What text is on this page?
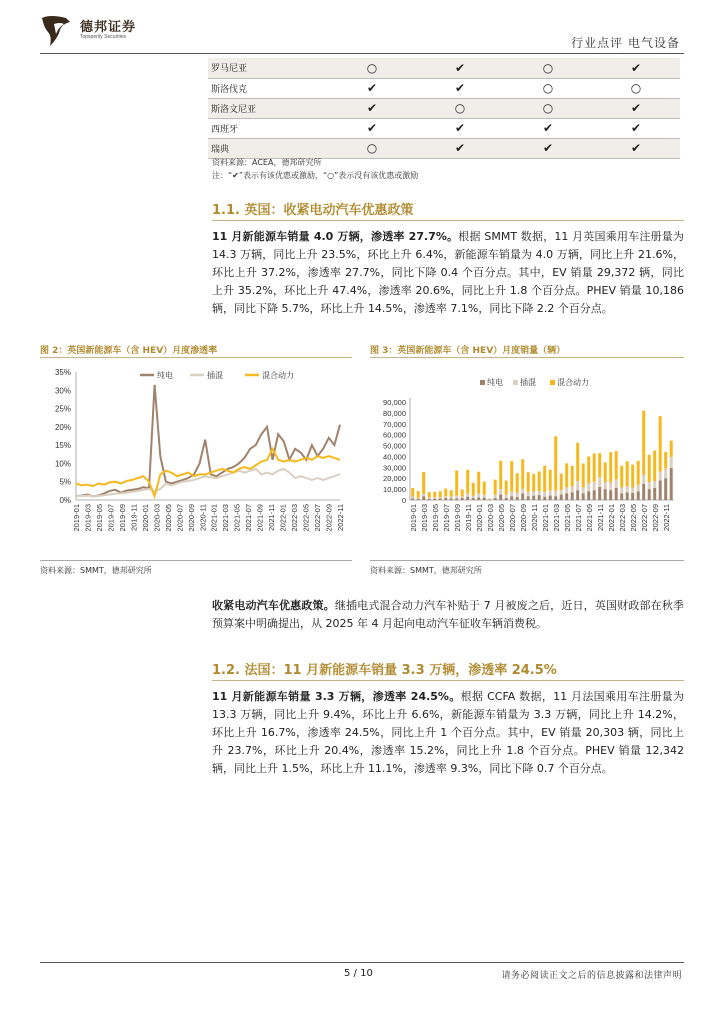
德邦证券
Topsperity Securities	行业点评 电气设备
罗马尼亚	○	✔	○	✔
斯洛伐克	✔	✔	○	○
斯洛文尼亚	✔	○	○	✔
西班牙	✔	✔	✔	✔
瑞典	○	✔	✔	✔
资料来源：ACEA，德邦研究所
注：“✔”表示有该优惠或激励，“○”表示没有该优惠或激励
1.1. 英国：收紧电动汽车优惠政策
11 月新能源车销量 4.0 万辆，渗透率 27.7%。根据 SMMT 数据，11 月英国乘用车注册量为 14.3 万辆，同比上升 23.5%，环比上升 6.4%，新能源车销量为 4.0 万辆，同比上升 21.6%，环比上升 37.2%，渗透率 27.7%，同比下降 0.4 个百分点。其中，EV 销量 29,372 辆，同比上升 35.2%，环比上升 47.4%，渗透率 20.6%，同比上升 1.8 个百分点。PHEV 销量 10,186 辆，同比下降 5.7%，环比上升 14.5%，渗透率 7.1%，同比下降 2.2 个百分点。
图 2：英国新能源车（含 HEV）月度渗透率
0%
5%
10%
15%
20%
25%
30%
35%
2019-01 2019-03 2019-05 2019-07 2019-09 2019-11 2020-01 2020-03 2020-05 2020-07 2020-09 2020-11 2021-01 2021-03 2021-05 2021-07 2021-09 2021-11 2022-01 2022-03 2022-05 2022-07 2022-09 2022-11
纯电	插混	混合动力
资料来源：SMMT，德邦研究所
图 3：英国新能源车（含 HEV）月度销量（辆）
0
10,000
20,000
30,000
40,000
50,000
60,000
70,000
80,000
90,000
2019-01 2019-03 2019-05 2019-07 2019-09 2019-11 2020-01 2020-03 2020-05 2020-07 2020-09 2020-11 2021-01 2021-03 2021-05 2021-07 2021-09 2021-11 2022-01 2022-03 2022-05 2022-07 2022-09 2022-11
纯电 插混	混合动力
资料来源：SMMT，德邦研究所
收紧电动汽车优惠政策。继插电式混合动力汽车补贴于 7 月被废之后，近日，英国财政部在秋季预算案中明确提出，从 2025 年 4 月起向电动汽车征收车辆消费税。
1.2. 法国：11 月新能源车销量 3.3 万辆，渗透率 24.5%
11 月新能源车销量 3.3 万辆，渗透率 24.5%。根据 CCFA 数据，11 月法国乘用车注册量为 13.3 万辆，同比上升 9.4%，环比上升 6.6%，新能源车销量为 3.3 万辆，同比上升 14.2%，环比上升 16.7%，渗透率 24.5%，同比上升 1 个百分点。其中，EV 销量 20,303 辆，同比上升 23.7%，环比上升 20.4%，渗透率 15.2%，同比上升 1.8 个百分点。PHEV 销量 12,342 辆，同比上升 1.5%，环比上升 11.1%，渗透率 9.3%，同比下降 0.7 个百分点。
5 / 10	请务必阅读正文之后的信息披露和法律声明
